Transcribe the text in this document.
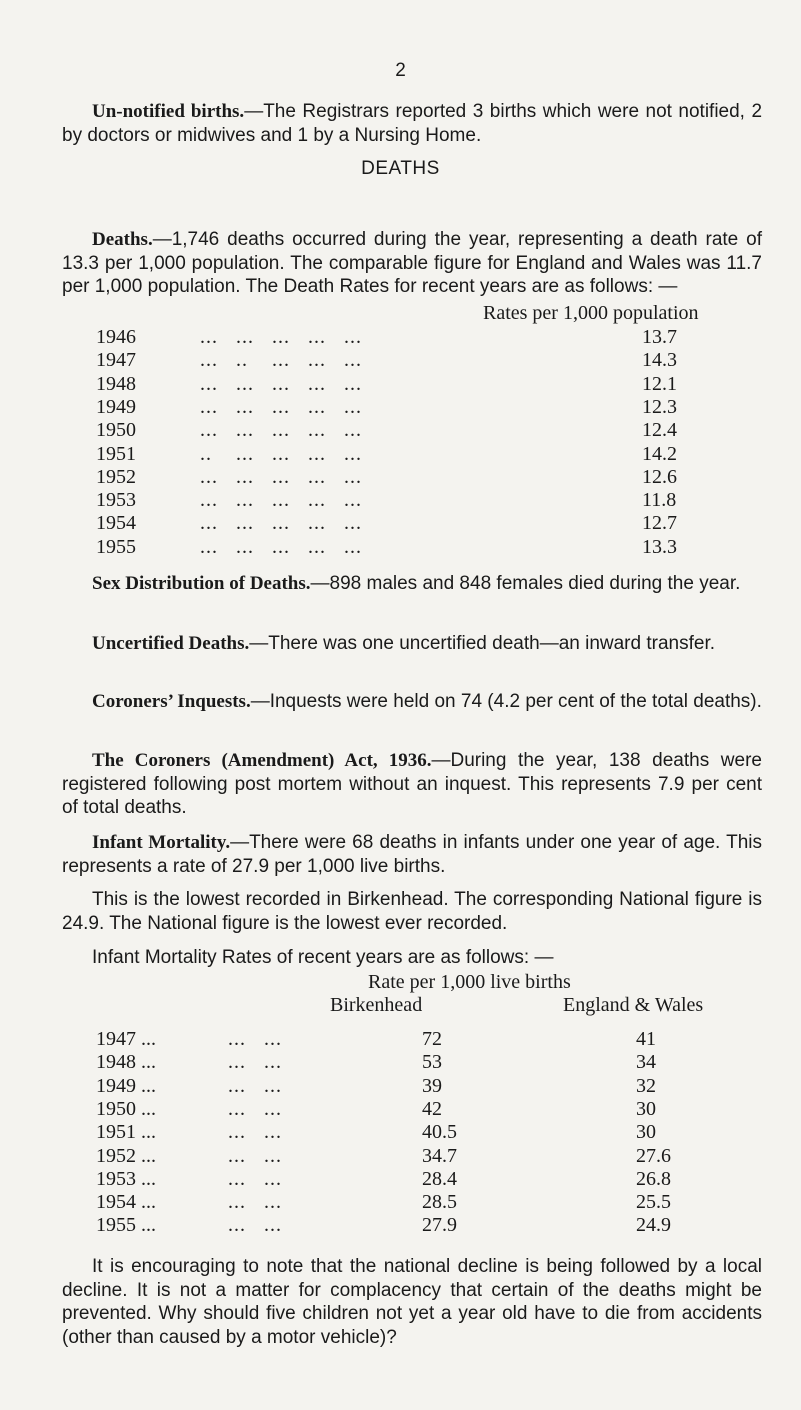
2

Un-notified births.—The Registrars reported 3 births which were not notified, 2 by doctors or midwives and 1 by a Nursing Home.

DEATHS

Deaths.—1,746 deaths occurred during the year, representing a death rate of 13.3 per 1,000 population. The comparable figure for England and Wales was 11.7 per 1,000 population. The Death Rates for recent years are as follows: —

Rates per 1,000 population
1946	...   ...   ...   ...   ...	13.7
1947	...   ..    ...   ...   ...	14.3
1948	...   ...   ...   ...   ...	12.1
1949	...   ...   ...   ...   ...	12.3
1950	...   ...   ...   ...   ...	12.4
1951	..    ...   ...   ...   ...	14.2
1952	...   ...   ...   ...   ...	12.6
1953	...   ...   ...   ...   ...	11.8
1954	...   ...   ...   ...   ...	12.7
1955	...   ...   ...   ...   ...	13.3

Sex Distribution of Deaths.—898 males and 848 females died during the year.

Uncertified Deaths.—There was one uncertified death—an inward transfer.

Coroners’ Inquests.—Inquests were held on 74 (4.2 per cent of the total deaths).

The Coroners (Amendment) Act, 1936.—During the year, 138 deaths were registered following post mortem without an inquest. This represents 7.9 per cent of total deaths.

Infant Mortality.—There were 68 deaths in infants under one year of age. This represents a rate of 27.9 per 1,000 live births.

This is the lowest recorded in Birkenhead. The corresponding National figure is 24.9. The National figure is the lowest ever recorded.

Infant Mortality Rates of recent years are as follows: —

Rate per 1,000 live births
Birkenhead	England & Wales
1947 ...	...   ...	72	41
1948 ...	...   ...	53	34
1949 ...	...   ...	39	32
1950 ...	...   ...	42	30
1951 ...	...   ...	40.5	30
1952 ...	...   ...	34.7	27.6
1953 ...	...   ...	28.4	26.8
1954 ...	...   ...	28.5	25.5
1955 ...	...   ...	27.9	24.9

It is encouraging to note that the national decline is being followed by a local decline. It is not a matter for complacency that certain of the deaths might be prevented. Why should five children not yet a year old have to die from accidents (other than caused by a motor vehicle)?
